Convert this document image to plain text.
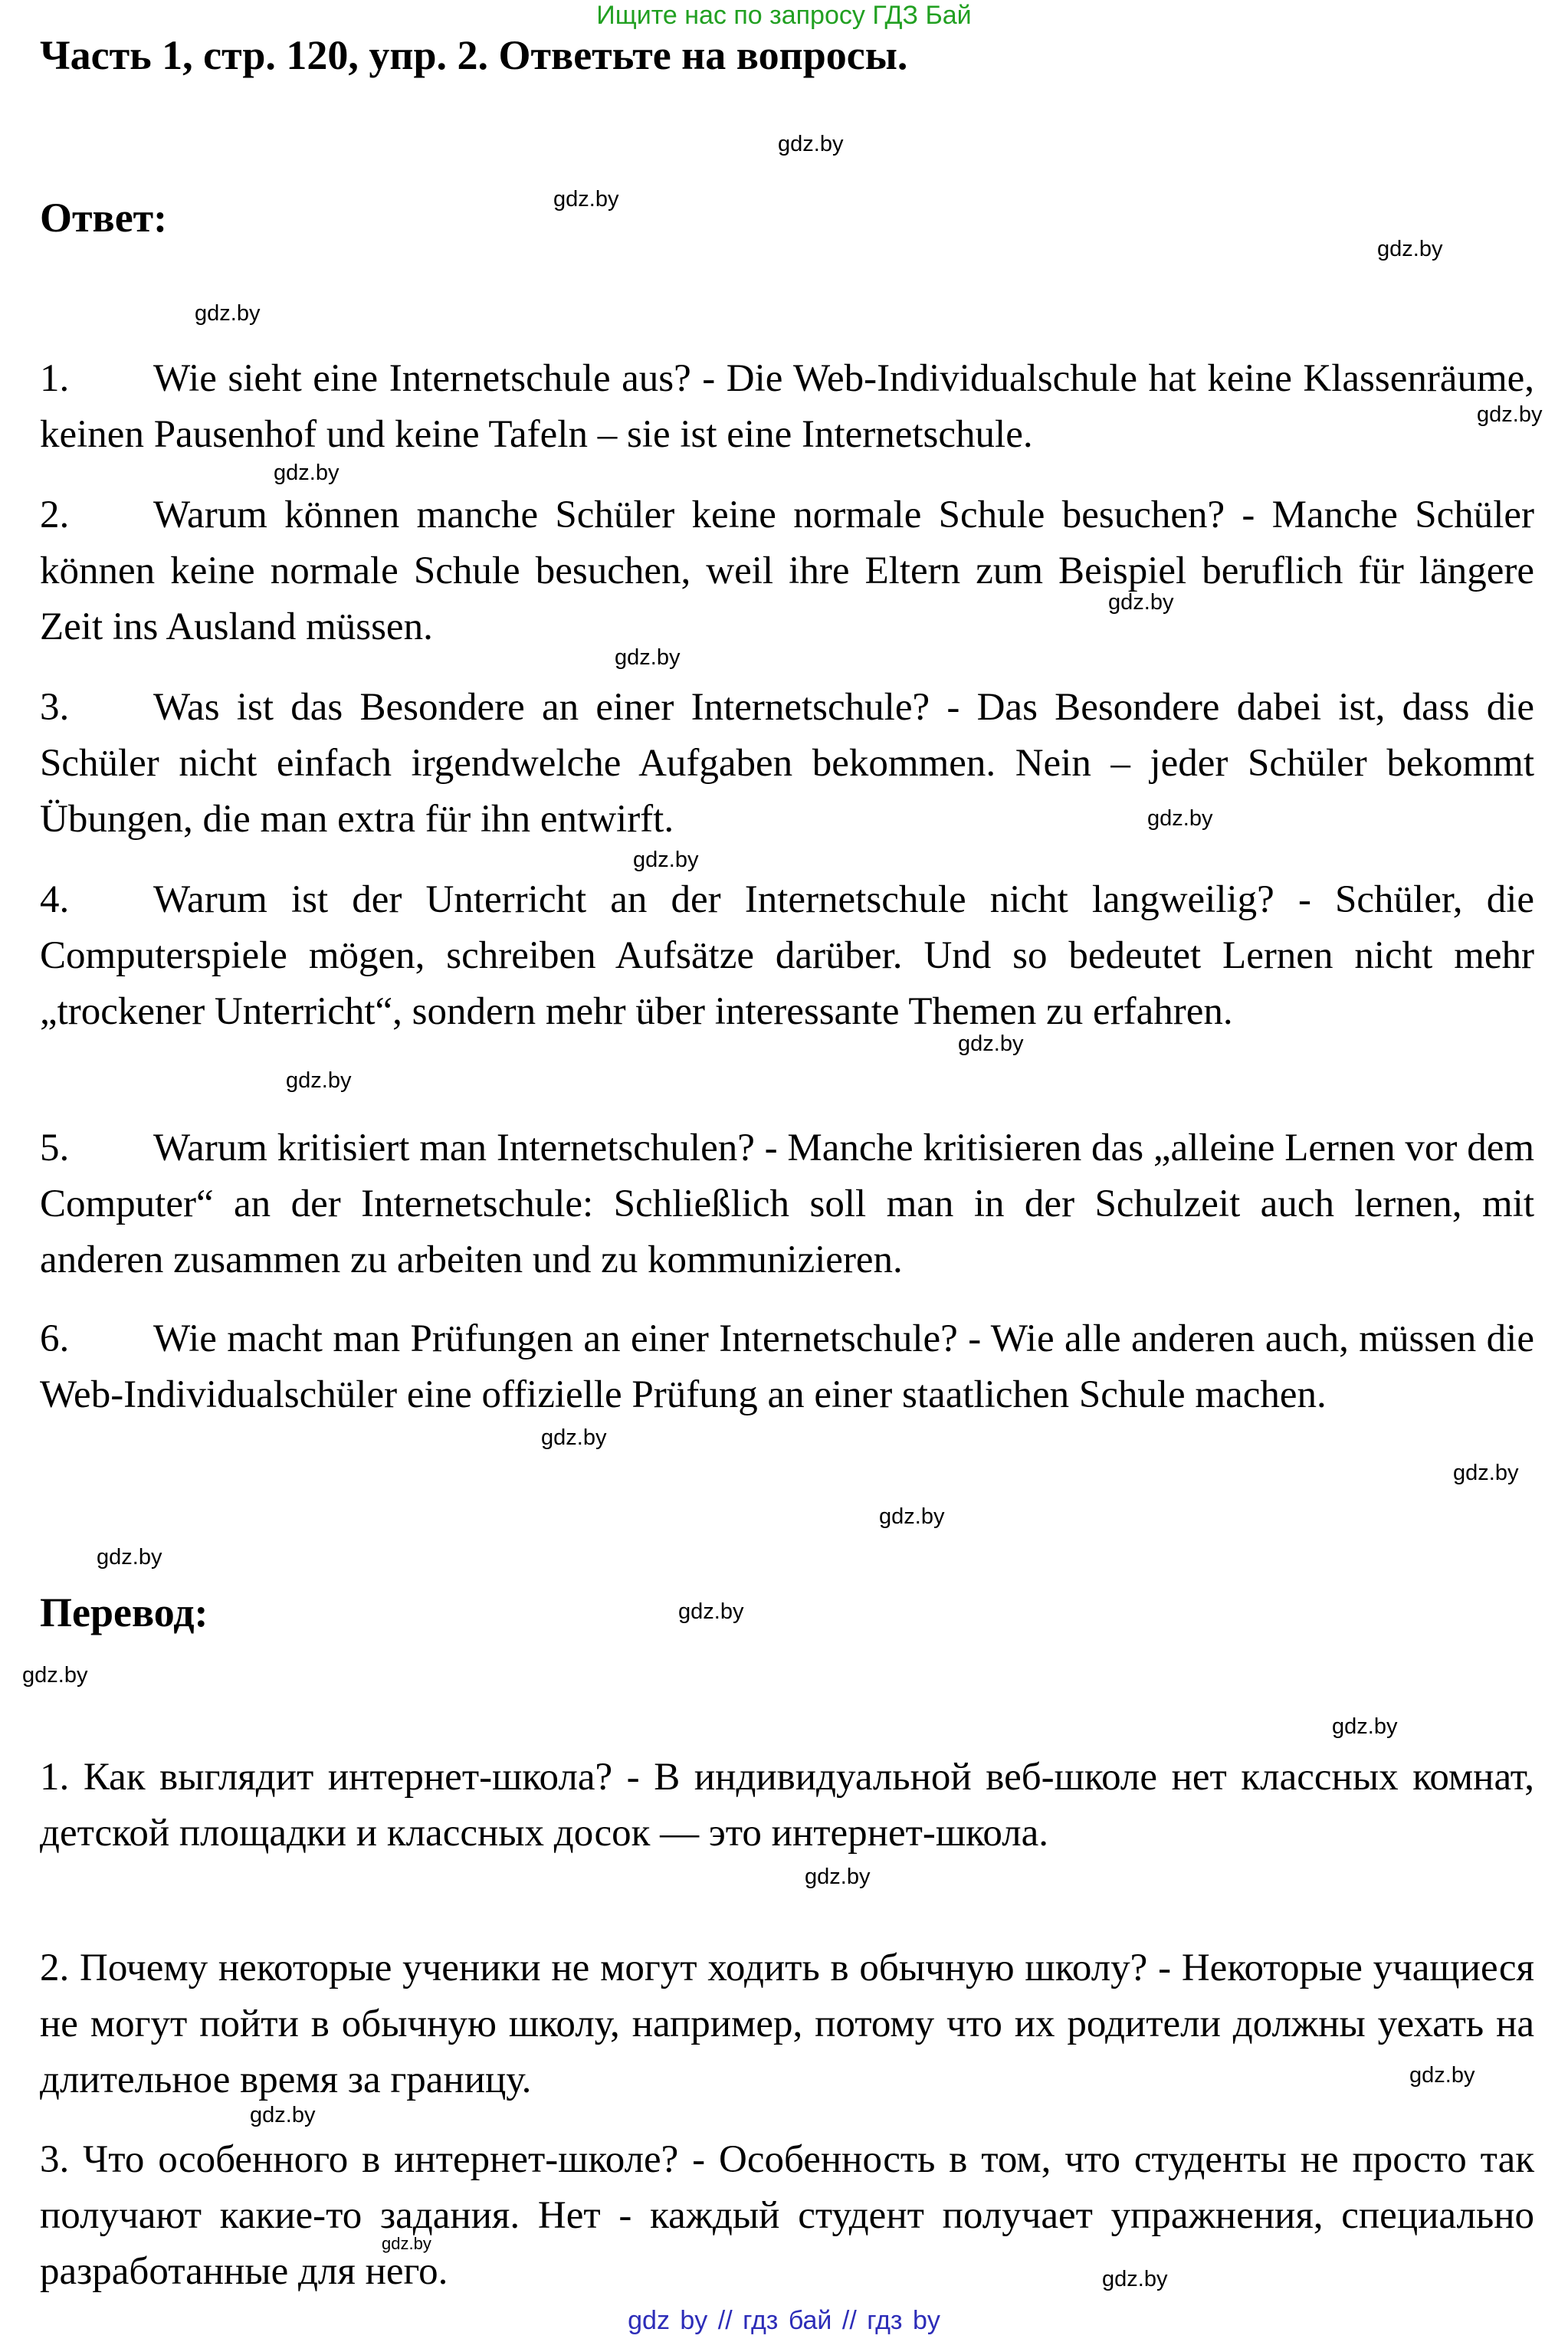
Ищите нас по запросу ГДЗ Бай
Часть 1, стр. 120, упр. 2. Ответьте на вопросы.
Ответ:

1. Wie sieht eine Internetschule aus? - Die Web-Individualschule hat keine Klassenräume, keinen Pausenhof und keine Tafeln – sie ist eine Internetschule.

2. Warum können manche Schüler keine normale Schule besuchen? - Manche Schüler können keine normale Schule besuchen, weil ihre Eltern zum Beispiel beruflich für längere Zeit ins Ausland müssen.

3. Was ist das Besondere an einer Internetschule? - Das Besondere dabei ist, dass die Schüler nicht einfach irgendwelche Aufgaben bekommen. Nein – jeder Schüler bekommt Übungen, die man extra für ihn entwirft.

4. Warum ist der Unterricht an der Internetschule nicht langweilig? - Schüler, die Computerspiele mögen, schreiben Aufsätze darüber. Und so bedeutet Lernen nicht mehr „trockener Unterricht“, sondern mehr über interessante Themen zu erfahren.

5. Warum kritisiert man Internetschulen? - Manche kritisieren das „alleine Lernen vor dem Computer“ an der Internetschule: Schließlich soll man in der Schulzeit auch lernen, mit anderen zusammen zu arbeiten und zu kommunizieren.

6. Wie macht man Prüfungen an einer Internetschule? - Wie alle anderen auch, müssen die Web-Individualschüler eine offizielle Prüfung an einer staatlichen Schule machen.

Перевод:

1. Как выглядит интернет-школа? - В индивидуальной веб-школе нет классных комнат, детской площадки и классных досок — это интернет-школа.

2. Почему некоторые ученики не могут ходить в обычную школу? - Некоторые учащиеся не могут пойти в обычную школу, например, потому что их родители должны уехать на длительное время за границу.

3. Что особенного в интернет-школе? - Особенность в том, что студенты не просто так получают какие-то задания. Нет - каждый студент получает упражнения, специально разработанные для него.

gdz.by
gdz.by
gdz.by
gdz.by
gdz.by
gdz.by
gdz.by
gdz.by
gdz.by
gdz.by
gdz.by
gdz.by
gdz.by
gdz.by
gdz.by
gdz.by
gdz.by
gdz.by
gdz.by
gdz.by
gdz.by
gdz.by
gdz.by
gdz.by
gdz by // гдз бай // гдз by
